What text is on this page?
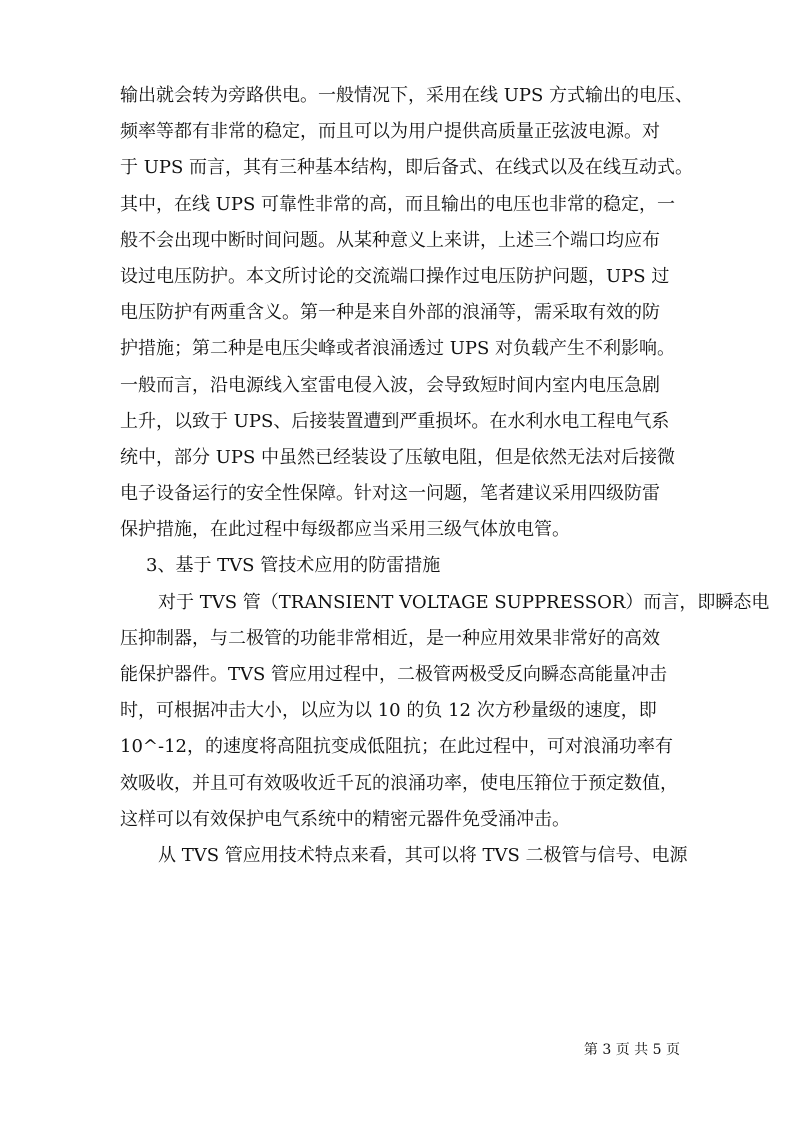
输出就会转为旁路供电。一般情况下，采用在线 UPS 方式输出的电压、
频率等都有非常的稳定，而且可以为用户提供高质量正弦波电源。对
于 UPS 而言，其有三种基本结构，即后备式、在线式以及在线互动式。
其中，在线 UPS 可靠性非常的高，而且输出的电压也非常的稳定，一
般不会出现中断时间问题。从某种意义上来讲，上述三个端口均应布
设过电压防护。本文所讨论的交流端口操作过电压防护问题，UPS 过
电压防护有两重含义。第一种是来自外部的浪涌等，需采取有效的防
护措施；第二种是电压尖峰或者浪涌透过 UPS 对负载产生不利影响。
一般而言，沿电源线入室雷电侵入波，会导致短时间内室内电压急剧
上升，以致于 UPS、后接装置遭到严重损坏。在水利水电工程电气系
统中，部分 UPS 中虽然已经装设了压敏电阻，但是依然无法对后接微
电子设备运行的安全性保障。针对这一问题，笔者建议采用四级防雷
保护措施，在此过程中每级都应当采用三级气体放电管。
3、基于 TVS 管技术应用的防雷措施
对于 TVS 管（TRANSIENT VOLTAGE SUPPRESSOR）而言，即瞬态电
压抑制器，与二极管的功能非常相近，是一种应用效果非常好的高效
能保护器件。TVS 管应用过程中，二极管两极受反向瞬态高能量冲击
时，可根据冲击大小，以应为以 10 的负 12 次方秒量级的速度，即
10^-12，的速度将高阻抗变成低阻抗；在此过程中，可对浪涌功率有
效吸收，并且可有效吸收近千瓦的浪涌功率，使电压箝位于预定数值，
这样可以有效保护电气系统中的精密元器件免受涌冲击。
从 TVS 管应用技术特点来看，其可以将 TVS 二极管与信号、电源
第 3 页 共 5 页
